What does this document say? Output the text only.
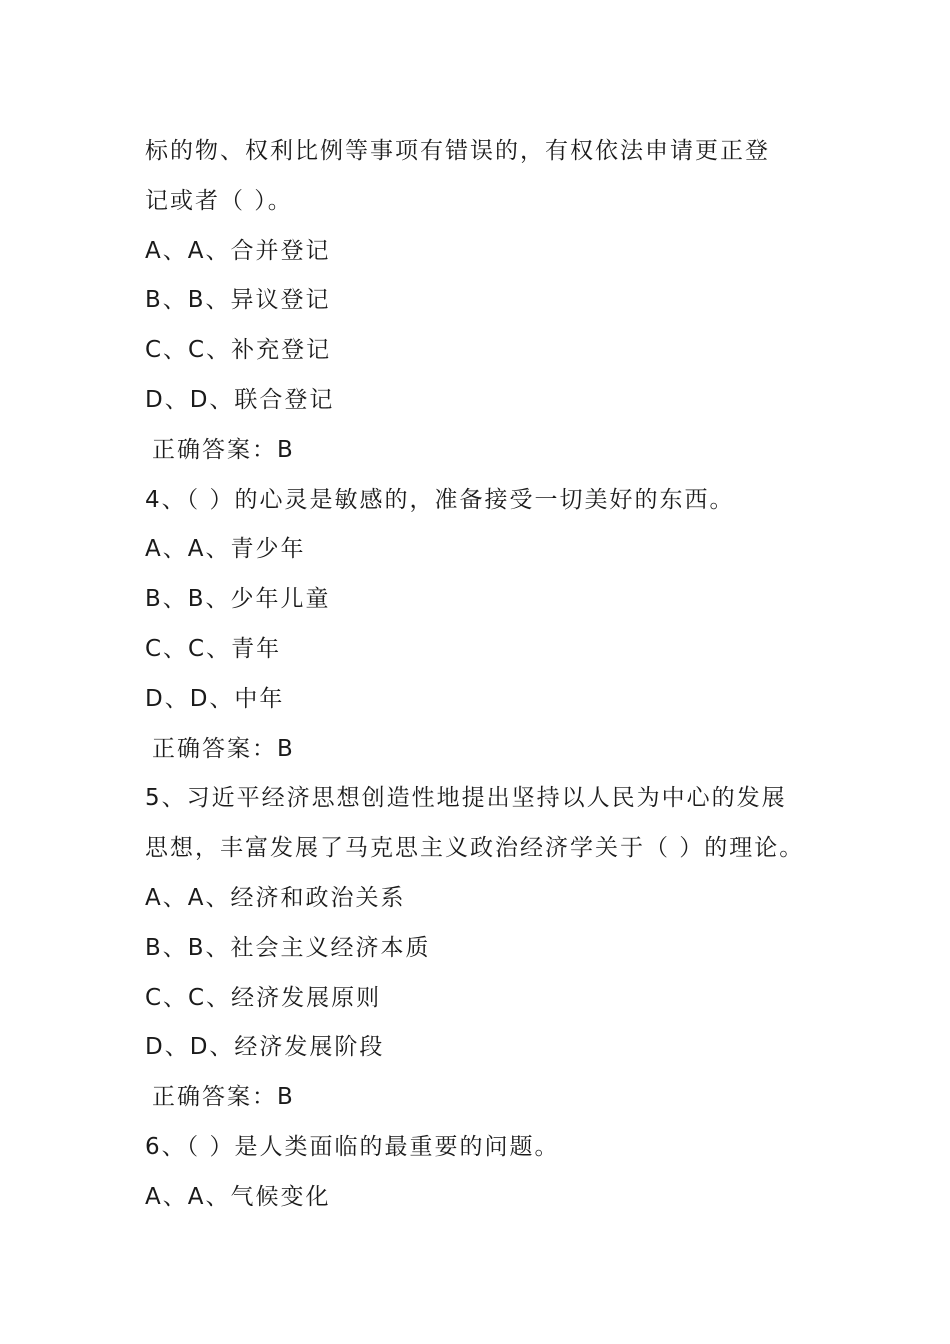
标的物、权利比例等事项有错误的，有权依法申请更正登
记或者（ ）。
A、A、合并登记
B、B、异议登记
C、C、补充登记
D、D、联合登记
正确答案：B
4、（ ）的心灵是敏感的，准备接受一切美好的东西。
A、A、青少年
B、B、少年儿童
C、C、青年
D、D、中年
正确答案：B
5、习近平经济思想创造性地提出坚持以人民为中心的发展
思想，丰富发展了马克思主义政治经济学关于（ ）的理论。
A、A、经济和政治关系
B、B、社会主义经济本质
C、C、经济发展原则
D、D、经济发展阶段
正确答案：B
6、（ ）是人类面临的最重要的问题。
A、A、气候变化
